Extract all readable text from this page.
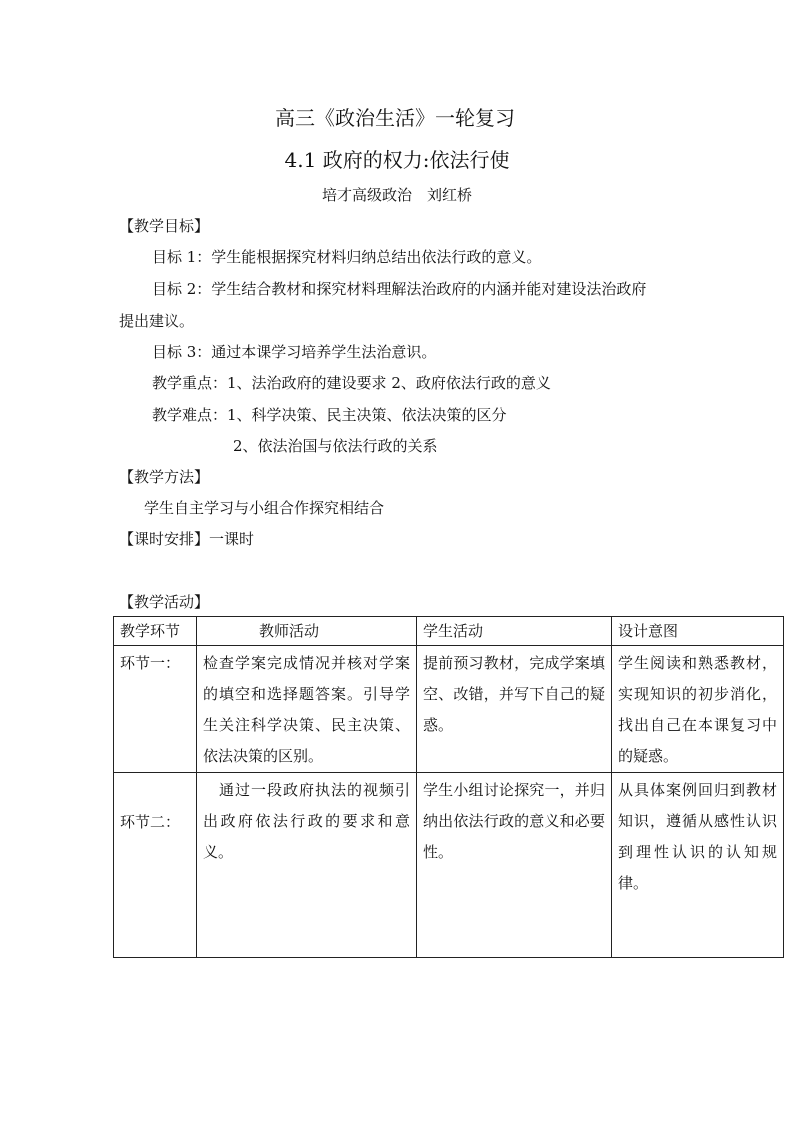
高三《政治生活》一轮复习
4.1 政府的权力:依法行使
培才高级政治　刘红桥
【教学目标】
目标 1：学生能根据探究材料归纳总结出依法行政的意义。
目标 2：学生结合教材和探究材料理解法治政府的内涵并能对建设法治政府
提出建议。
目标 3：通过本课学习培养学生法治意识。
教学重点：1、法治政府的建设要求 2、政府依法行政的意义
教学难点：1、科学决策、民主决策、依法决策的区分
2、依法治国与依法行政的关系
【教学方法】
学生自主学习与小组合作探究相结合
【课时安排】一课时
【教学活动】
教学环节	教师活动	学生活动	设计意图
环节一：	检查学案完成情况并核对学案的填空和选择题答案。引导学生关注科学决策、民主决策、依法决策的区别。	提前预习教材，完成学案填空、改错，并写下自己的疑惑。	学生阅读和熟悉教材，实现知识的初步消化，找出自己在本课复习中的疑惑。
环节二：	　通过一段政府执法的视频引出政府依法行政的要求和意义。	学生小组讨论探究一，并归纳出依法行政的意义和必要性。	从具体案例回归到教材知识，遵循从感性认识到理性认识的认知规律。
